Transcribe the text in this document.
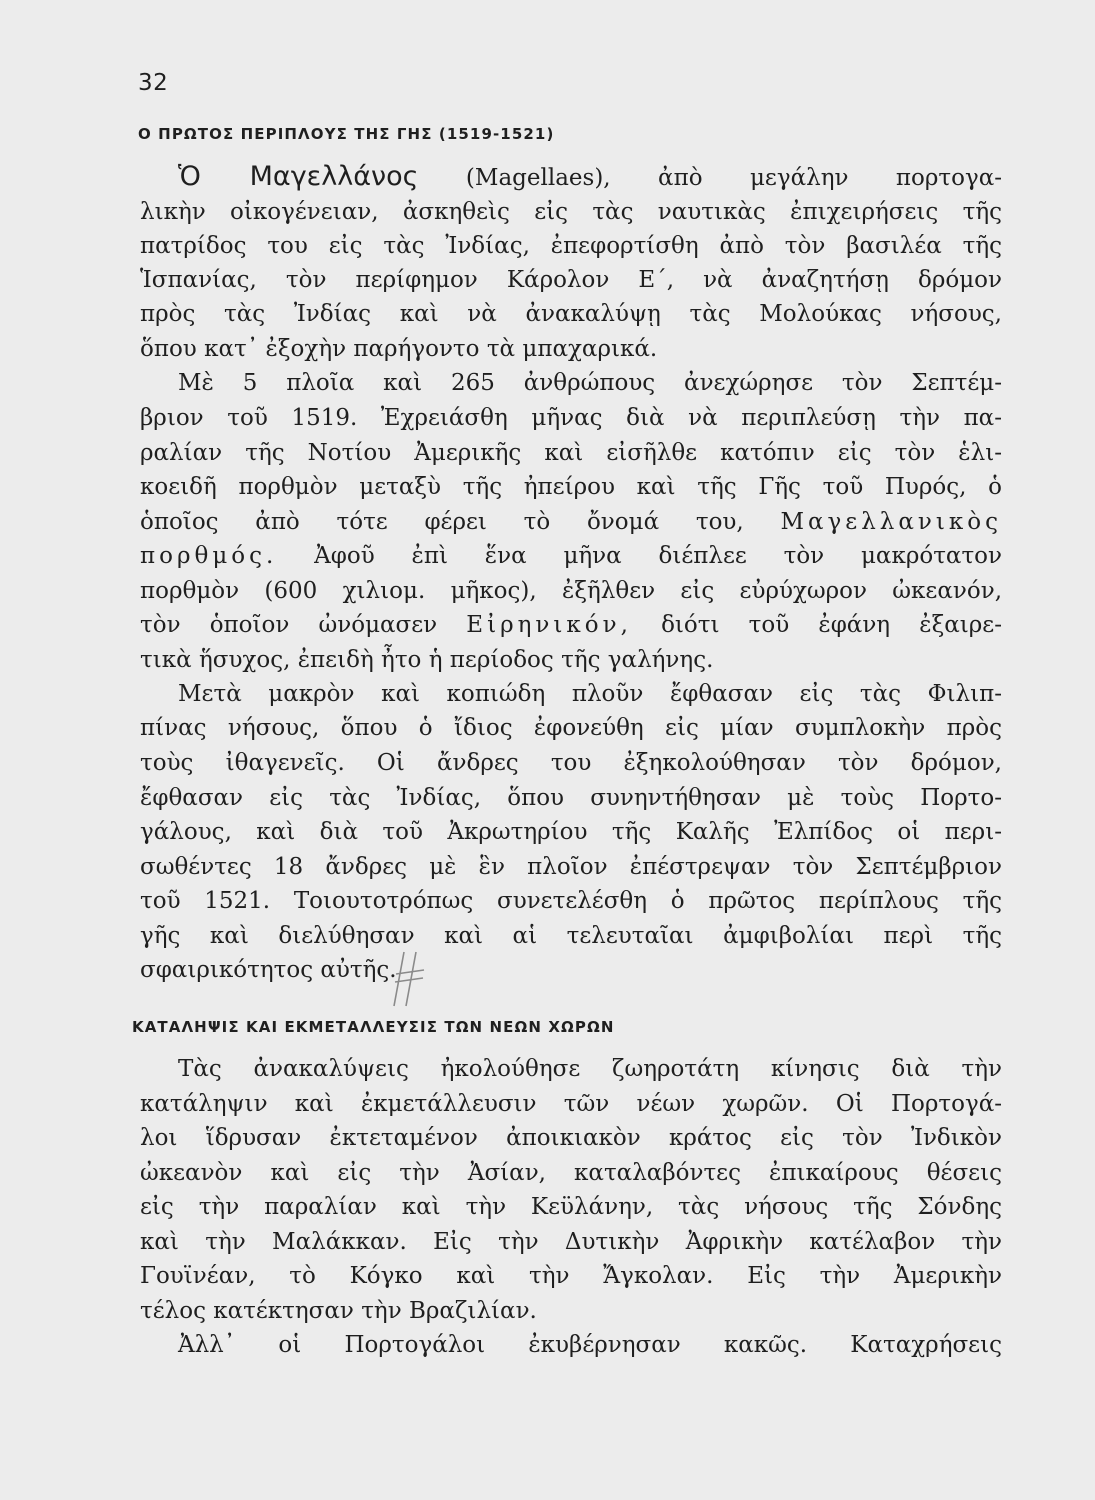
32
Ο ΠΡΩΤΟΣ ΠΕΡΙΠΛΟΥΣ ΤΗΣ ΓΗΣ (1519-1521)
Ὁ Μαγελλάνος (Magellaes), ἀπὸ μεγάλην πορτογα-
λικὴν οἰκογένειαν, ἀσκηθεὶς εἰς τὰς ναυτικὰς ἐπιχειρήσεις τῆς
πατρίδος του εἰς τὰς Ἰνδίας, ἐπεφορτίσθη ἀπὸ τὸν βασιλέα τῆς
Ἱσπανίας, τὸν περίφημον Κάρολον Ε΄, νὰ ἀναζητήσῃ δρόμον
πρὸς τὰς Ἰνδίας καὶ νὰ ἀνακαλύψῃ τὰς Μολούκας νήσους,
ὅπου κατ᾽ ἐξοχὴν παρήγοντο τὰ μπαχαρικά.
Μὲ 5 πλοῖα καὶ 265 ἀνθρώπους ἀνεχώρησε τὸν Σεπτέμ-
βριον τοῦ 1519. Ἐχρειάσθη μῆνας διὰ νὰ περιπλεύσῃ τὴν πα-
ραλίαν τῆς Νοτίου Ἀμερικῆς καὶ εἰσῆλθε κατόπιν εἰς τὸν ἑλι-
κοειδῆ πορθμὸν μεταξὺ τῆς ἠπείρου καὶ τῆς Γῆς τοῦ Πυρός, ὁ
ὁποῖος ἀπὸ τότε φέρει τὸ ὄνομά του, Μαγελλανικὸς
πορθμός. Ἀφοῦ ἐπὶ ἕνα μῆνα διέπλεε τὸν μακρότατον
πορθμὸν (600 χιλιομ. μῆκος), ἐξῆλθεν εἰς εὐρύχωρον ὠκεανόν,
τὸν ὁποῖον ὠνόμασεν Εἰρηνικόν, διότι τοῦ ἐφάνη ἐξαιρε-
τικὰ ἥσυχος, ἐπειδὴ ἦτο ἡ περίοδος τῆς γαλήνης.
Μετὰ μακρὸν καὶ κοπιώδη πλοῦν ἔφθασαν εἰς τὰς Φιλιπ-
πίνας νήσους, ὅπου ὁ ἴδιος ἐφονεύθη εἰς μίαν συμπλοκὴν πρὸς
τοὺς ἰθαγενεῖς. Οἱ ἄνδρες του ἐξηκολούθησαν τὸν δρόμον,
ἔφθασαν εἰς τὰς Ἰνδίας, ὅπου συνηντήθησαν μὲ τοὺς Πορτο-
γάλους, καὶ διὰ τοῦ Ἀκρωτηρίου τῆς Καλῆς Ἐλπίδος οἱ περι-
σωθέντες 18 ἄνδρες μὲ ἓν πλοῖον ἐπέστρεψαν τὸν Σεπτέμβριον
τοῦ 1521. Τοιουτοτρόπως συνετελέσθη ὁ πρῶτος περίπλους τῆς
γῆς καὶ διελύθησαν καὶ αἱ τελευταῖαι ἀμφιβολίαι περὶ τῆς
σφαιρικότητος αὐτῆς.
ΚΑΤΑΛΗΨΙΣ ΚΑΙ ΕΚΜΕΤΑΛΛΕΥΣΙΣ ΤΩΝ ΝΕΩΝ ΧΩΡΩΝ
Τὰς ἀνακαλύψεις ἠκολούθησε ζωηροτάτη κίνησις διὰ τὴν
κατάληψιν καὶ ἐκμετάλλευσιν τῶν νέων χωρῶν. Οἱ Πορτογά-
λοι ἵδρυσαν ἐκτεταμένον ἀποικιακὸν κράτος εἰς τὸν Ἰνδικὸν
ὠκεανὸν καὶ εἰς τὴν Ἀσίαν, καταλαβόντες ἐπικαίρους θέσεις
εἰς τὴν παραλίαν καὶ τὴν Κεϋλάνην, τὰς νήσους τῆς Σόνδης
καὶ τὴν Μαλάκκαν. Εἰς τὴν Δυτικὴν Ἀφρικὴν κατέλαβον τὴν
Γουϊνέαν, τὸ Κόγκο καὶ τὴν Ἄγκολαν. Εἰς τὴν Ἀμερικὴν
τέλος κατέκτησαν τὴν Βραζιλίαν.
Ἀλλ᾽ οἱ Πορτογάλοι ἐκυβέρνησαν κακῶς. Καταχρήσεις
